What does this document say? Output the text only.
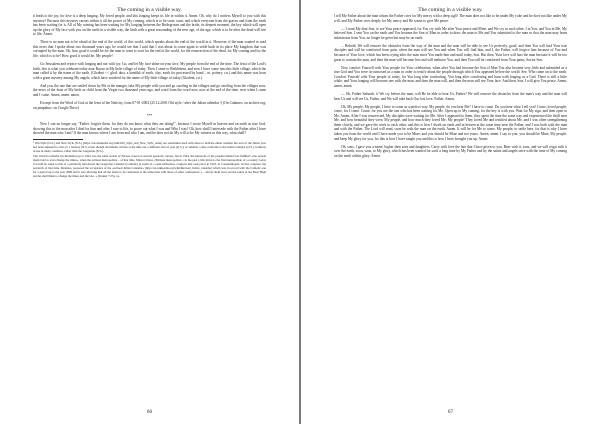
The coming in a visible way.

it leads to the joy, for love is a deep longing. My loved people, and this longing keeps its life in within it. Amen. Oh, why do I confess Myself to you with this mystery? Because this mystery carries within it all the power of My coming, which is to be soon, soon, and which everyone from the graves and from the earth has been waiting for it. All of My coming has been waiting for My longing between the Bridegroom and the bride, its deepest moment, the key which will open up the glory of My face with you on the earth in a visible way, the birth with a great resounding of the new age, of the age, which is to be after the dead will rise to life. Amen.

There is no man not to be afraid of the end of the world, of this world, which speaks about the end of the world in it. However, if the man wanted to read this news that I spoke about two thousand years ago, he would see that I said that I was about to come again to settle back in its place My kingdom that was corrupted by the man. Oh, how good it would be for the man to want to wait for the end of the world, for the resurrection of the dead, for My coming and for the life, which is to be! How good it would be, My people!

Go Jerusalem and rejoice with longing and not with joy. Go, and let My face shine on your face, My people from the end of the time. The feast of the Lord's birth, this is what you celebrate today near Bacau in My little village of today. Then I came to Bethlehem, and now I have come into this little village, which the man called it by the name of the earth. (Glodeni << glod: dust, a handful of earth, clay, earth for processed by hand – nt. pottery, r.n.) and this name was born with a great mystery among My angels, which have watched for the name of My little village of today (Glodeni, r.n.).

And you, the one that are settled down by Me at the manger, take My people with you and go caroling in the villages and go caroling from the villages now, the news of the feast of My birth as child from the Virgin two thousand years ago, and word from the word now, now at the end of the time, now when I came and I come. Amen, amen, amen.

Excerpt from the Word of God at the feast of the Nativity, from 07-01-2002 (25.12.2001 Old style / after the Julian calendar ¹) (On Calameo, on archive.org; on jampabuc; on Google Drive)

***

Now I can no longer say, "Father, forgive them, for they do not know what they are doing!", because I wrote Myself in heaven and on earth as true God, showing this to the man after I died for him and after I rose to life, to prove out what I was and Who I was? Oh, how shall I intercede with the Father after I have showed the man who I am? If the man knows where I am from and who I am, and he does not do My will to be My witness in this way, what shall?

¹ Old Style (O.S.) and New Style (N.S.) (https://en.wikipedia.org/wiki/Old_Style_and_New_Style_dates) are sometimes used with dates to indicate either whether the start of the Julian year has been adjusted to start on 1 January (N.S.) even though documents written at the time use a different start of year (O.S.); or whether a date conforms to the Julian calendar (O.S.), formerly in use in many countries, rather than the Gregorian (N.S.).

The Church Calendar (in Romania) up to 1924 was the same as that of Nicaea, based on several apostolic canons, but in 1924, the hierarchs of the prophet Daniel was fulfilled: «the people made bold to even change the times», when the primate metropolitan – of that time, Miron Cristea, (Primate metropolitan = in the past a title given to the first metropolitan of a country; today it would be equal to that of a patriarch) introduced the Gregorian Calendar (Catholic) as result of a «pan-Orthodox» congress that took place in 1923, in Constantinople. At that congress, the patriarch of that time, Meletios, proposed the acceptance of the «revised Julian Calendar» (http://en.wikipedia.org/wiki/Revised_Julian_calendar) which was in accord with the Catholic one for a period up to the year 2800 and it was allowing that all the feasts to be celebrated at the same time with those of other confessions: «... and he shall wear out the saints of the Most High and he shall think to change the times and the law...» (Daniel 7:25), r.n.

66
The coming in a visible way.

I tell My Father about the man whom the Father cries for My mercy with a deep sigh? The man does not like to be under My yoke and he does not like under My will, and My Father cries deeply for My mercy and He wants to give Me peace.

— I want My dear Son, to see Your peace appeased, for You cry with Me after Your peace and Mine, and We cry in each other, I in You, and You in Me, My beloved Son. I sent You on the earth and You became the Son of Man in order to draw the man to Me and You submitted to the man so that the man may learn submission from You, no longer be great but may be on earth.

... Behold, We will remove the obstacles from the way of the man and the man will be able to see Us perfectly, good, and then You will find Your true disciples and will be comforted from pain, when the man will see You and when You will find him, and I, the Father, will forgive him because of You and because of Your love, which has been crying after the man since You made him and until today, Son. But then, Your love will hurt the man because it will be too great to contain the man, and then the man will become less and will embrace You, and then You will be comforted from Your pains, Savior Son.

Now comfort Yourself with Your people for Your celebration, when after You had become the Son of Man You also became very little and submitted as a true God and You were circumcised as a man in order to testify about the people through which You appeared before the world. See, Who came on to the earth. Comfort Yourself with Your people of today, for You long after comforting. You long after comforting and burn with longing as a God. There is still a little while, and Your longing will become one with the man, and then the man will, and then the man will see Your face. And then, Son, I will give You peace. Amen, amen, amen.

— Oh, Father Sabaoth, if We cry before the man, will He be able to hear Us, Father? We will remove the obstacles from the man's way and the man will hear Us and will see Us, Father, and We will take back Our lost love, Father. Amen.

Oh, My people, My people, I have to come as a perfect way. My people, do you hear Me? I have to come. Do you hear what I tell you? Come, loved people, come, for I come. Come; for you are the one who has been waiting for Me. Open up to My coming, for the key is with you. Wait for My sign, and then open to Me. Amen. After I was resurrected, My disciples were waiting for Me. After I appeared to them, they spent the time the same way and experienced the thrill near Me, and how beautiful they were, My people, and how much they loved Me, My people! They loved Me and testified about Me, and I was often strengthening them closely, and we gave the work to each other, and this is how I dwelt on earth and in heaven at the same time near the Father, and I was both with the man and with the Father. The Lord will send, soon be with the man on the earth. Amen. It will be for Me to come, My people, to settle here, for that is why I have taken you from the world and I have made you to be Mine; and you should be Mine and not yours. Amen, amen. I say to you: you should be Mine, My people, and keep My glory for you, for this is how I have taught you and this is how I have brought you up. Amen.

Oh, sons, I gave you a name, higher then sons and daughters. Carry with love the fate that I have given to you. Bear with it, sons, and we will reign with it over the earth, soon, soon, to My glory, which has been wanted for such a long time by My Father and by the saints and angels once with the time of My coming on the earth within glory. Amen.

67
